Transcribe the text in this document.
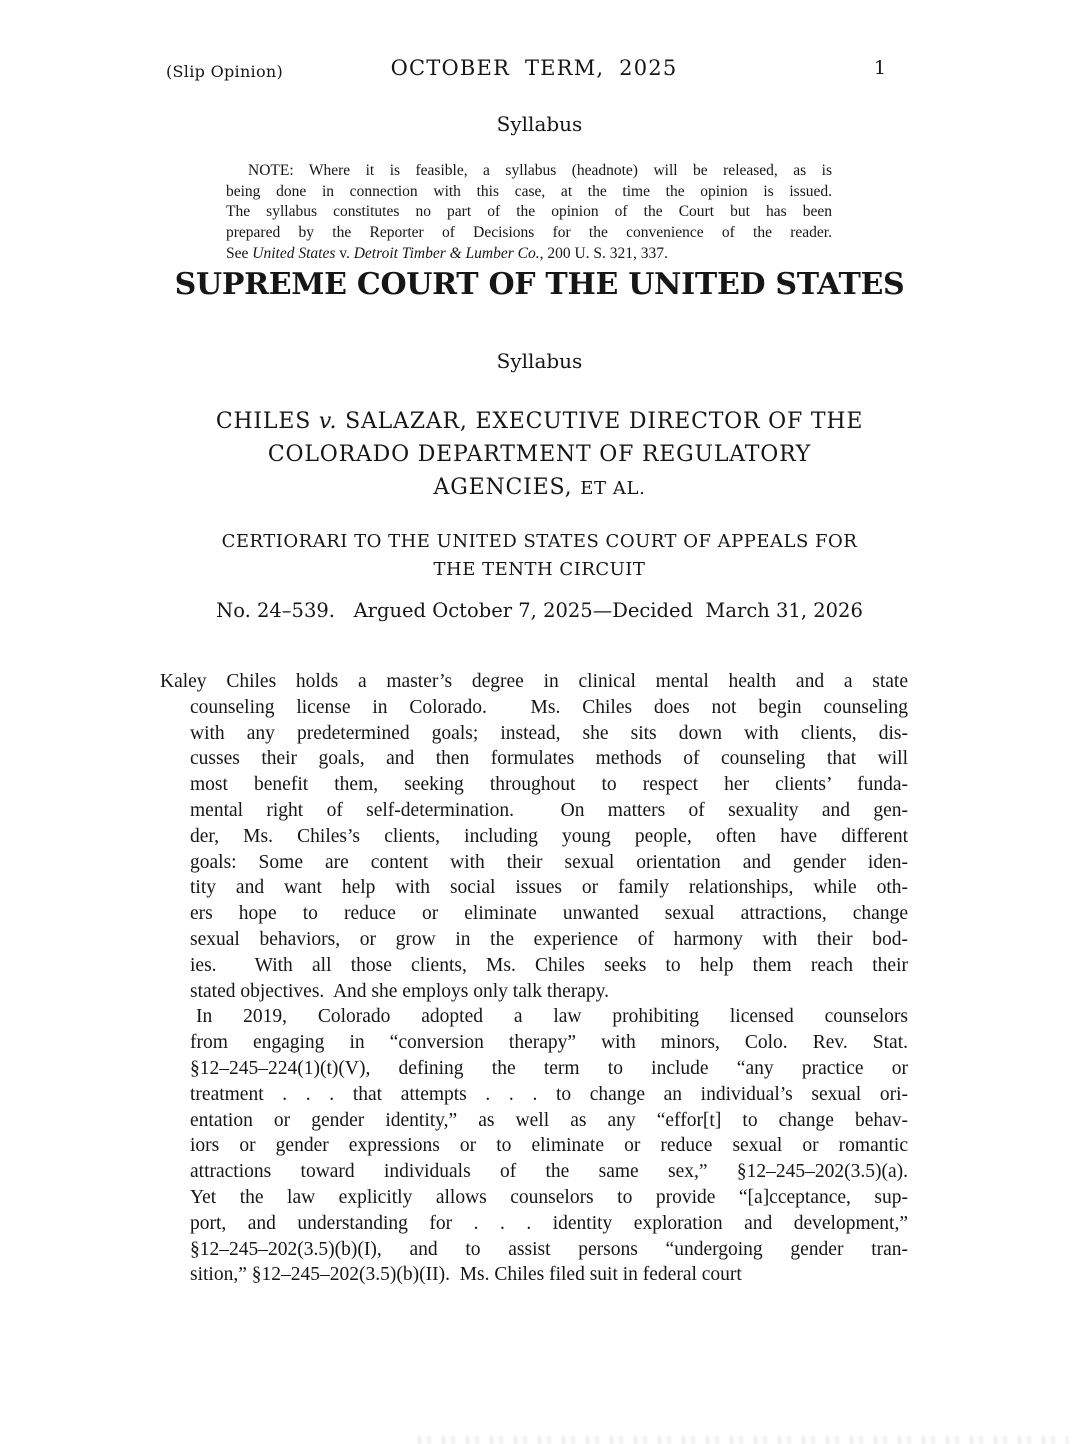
(Slip Opinion)	OCTOBER TERM, 2025	1
Syllabus
NOTE: Where it is feasible, a syllabus (headnote) will be released, as is
being done in connection with this case, at the time the opinion is issued.
The syllabus constitutes no part of the opinion of the Court but has been
prepared by the Reporter of Decisions for the convenience of the reader.
See United States v. Detroit Timber & Lumber Co., 200 U. S. 321, 337.
SUPREME COURT OF THE UNITED STATES
Syllabus
CHILES v. SALAZAR, EXECUTIVE DIRECTOR OF THE
COLORADO DEPARTMENT OF REGULATORY
AGENCIES, ET AL.
CERTIORARI TO THE UNITED STATES COURT OF APPEALS FOR
THE TENTH CIRCUIT
No. 24–539.   Argued October 7, 2025—Decided  March 31, 2026
Kaley Chiles holds a master’s degree in clinical mental health and a state
counseling license in Colorado.  Ms. Chiles does not begin counseling
with any predetermined goals; instead, she sits down with clients, dis-
cusses their goals, and then formulates methods of counseling that will
most benefit them, seeking throughout to respect her clients’ funda-
mental right of self-determination.  On matters of sexuality and gen-
der, Ms. Chiles’s clients, including young people, often have different
goals: Some are content with their sexual orientation and gender iden-
tity and want help with social issues or family relationships, while oth-
ers hope to reduce or eliminate unwanted sexual attractions, change
sexual behaviors, or grow in the experience of harmony with their bod-
ies.  With all those clients, Ms. Chiles seeks to help them reach their
stated objectives.  And she employs only talk therapy.
In 2019, Colorado adopted a law prohibiting licensed counselors
from engaging in “conversion therapy” with minors, Colo. Rev. Stat.
§12–245–224(1)(t)(V), defining the term to include “any practice or
treatment . . . that attempts . . . to change an individual’s sexual ori-
entation or gender identity,” as well as any “effor[t] to change behav-
iors or gender expressions or to eliminate or reduce sexual or romantic
attractions toward individuals of the same sex,” §12–245–202(3.5)(a).
Yet the law explicitly allows counselors to provide “[a]cceptance, sup-
port, and understanding for . . . identity exploration and development,”
§12–245–202(3.5)(b)(I), and to assist persons “undergoing gender tran-
sition,” §12–245–202(3.5)(b)(II).  Ms. Chiles filed suit in federal court
